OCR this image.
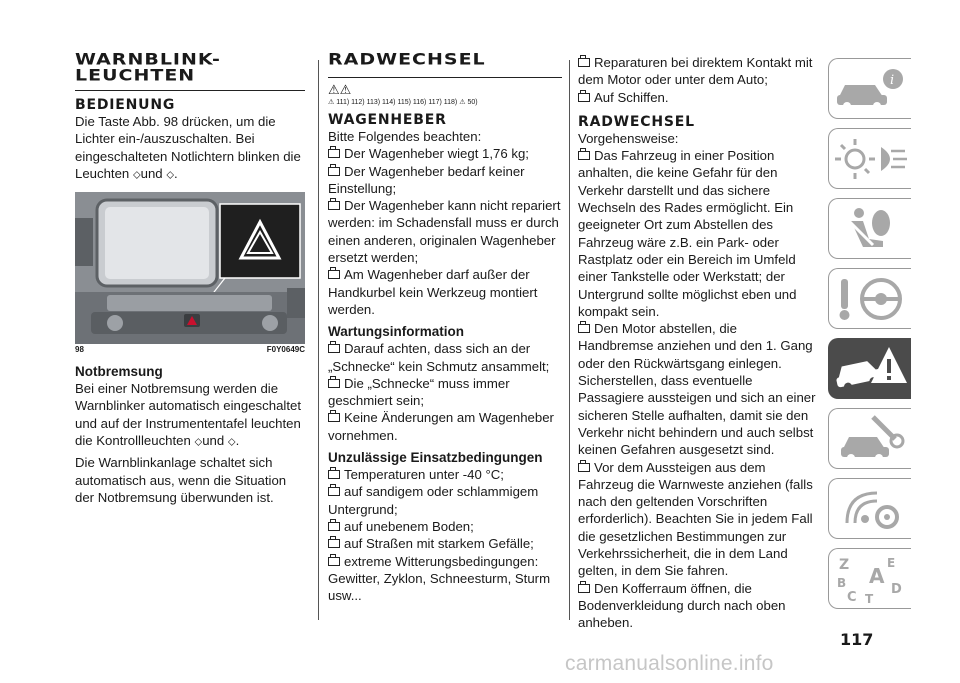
WARNBLINK-
LEUCHTEN
BEDIENUNG

Die Taste Abb. 98 drücken, um die Lichter ein-/auszuschalten. Bei eingeschalteten Notlichtern blinken die Leuchten ⬦und ⬦.

98	F0Y0649C
Notbremsung

Bei einer Notbremsung werden die Warnblinker automatisch eingeschaltet und auf der Instrumententafel leuchten die Kontrollleuchten ⬦und ⬦.

Die Warnblinkanlage schaltet sich automatisch aus, wenn die Situation der Notbremsung überwunden ist.

RADWECHSEL
⚠⚠
⚠ 111) 112) 113) 114) 115) 116) 117) 118) ⚠ 50)
WAGENHEBER

Bitte Folgendes beachten:

Der Wagenheber wiegt 1,76 kg;

Der Wagenheber bedarf keiner Einstellung;

Der Wagenheber kann nicht repariert werden: im Schadensfall muss er durch einen anderen, originalen Wagenheber ersetzt werden;

Am Wagenheber darf außer der Handkurbel kein Werkzeug montiert werden.

Wartungsinformation

Darauf achten, dass sich an der „Schnecke“ kein Schmutz ansammelt;

Die „Schnecke“ muss immer geschmiert sein;

Keine Änderungen am Wagenheber vornehmen.

Unzulässige Einsatzbedingungen

Temperaturen unter -40 °C;

auf sandigem oder schlammigem Untergrund;

auf unebenem Boden;

auf Straßen mit starkem Gefälle;

extreme Witterungsbedingungen: Gewitter, Zyklon, Schneesturm, Sturm usw...

Reparaturen bei direktem Kontakt mit dem Motor oder unter dem Auto;

Auf Schiffen.

RADWECHSEL

Vorgehensweise:

Das Fahrzeug in einer Position anhalten, die keine Gefahr für den Verkehr darstellt und das sichere Wechseln des Rades ermöglicht. Ein geeigneter Ort zum Abstellen des Fahrzeug wäre z.B. ein Park- oder Rastplatz oder ein Bereich im Umfeld einer Tankstelle oder Werkstatt; der Untergrund sollte möglichst eben und kompakt sein.

Den Motor abstellen, die Handbremse anziehen und den 1. Gang oder den Rückwärtsgang einlegen. Sicherstellen, dass eventuelle Passagiere aussteigen und sich an einer sicheren Stelle aufhalten, damit sie den Verkehr nicht behindern und auch selbst keinen Gefahren ausgesetzt sind.

Vor dem Aussteigen aus dem Fahrzeug die Warnweste anziehen (falls nach den geltenden Vorschriften erforderlich). Beachten Sie in jedem Fall die gesetzlichen Bestimmungen zur Verkehrssicherheit, die in dem Land gelten, in dem Sie fahren.

Den Kofferraum öffnen, die Bodenverkleidung durch nach oben anheben.

i
Z	E
A
B
C T
D
117
carmanualsonline.info
